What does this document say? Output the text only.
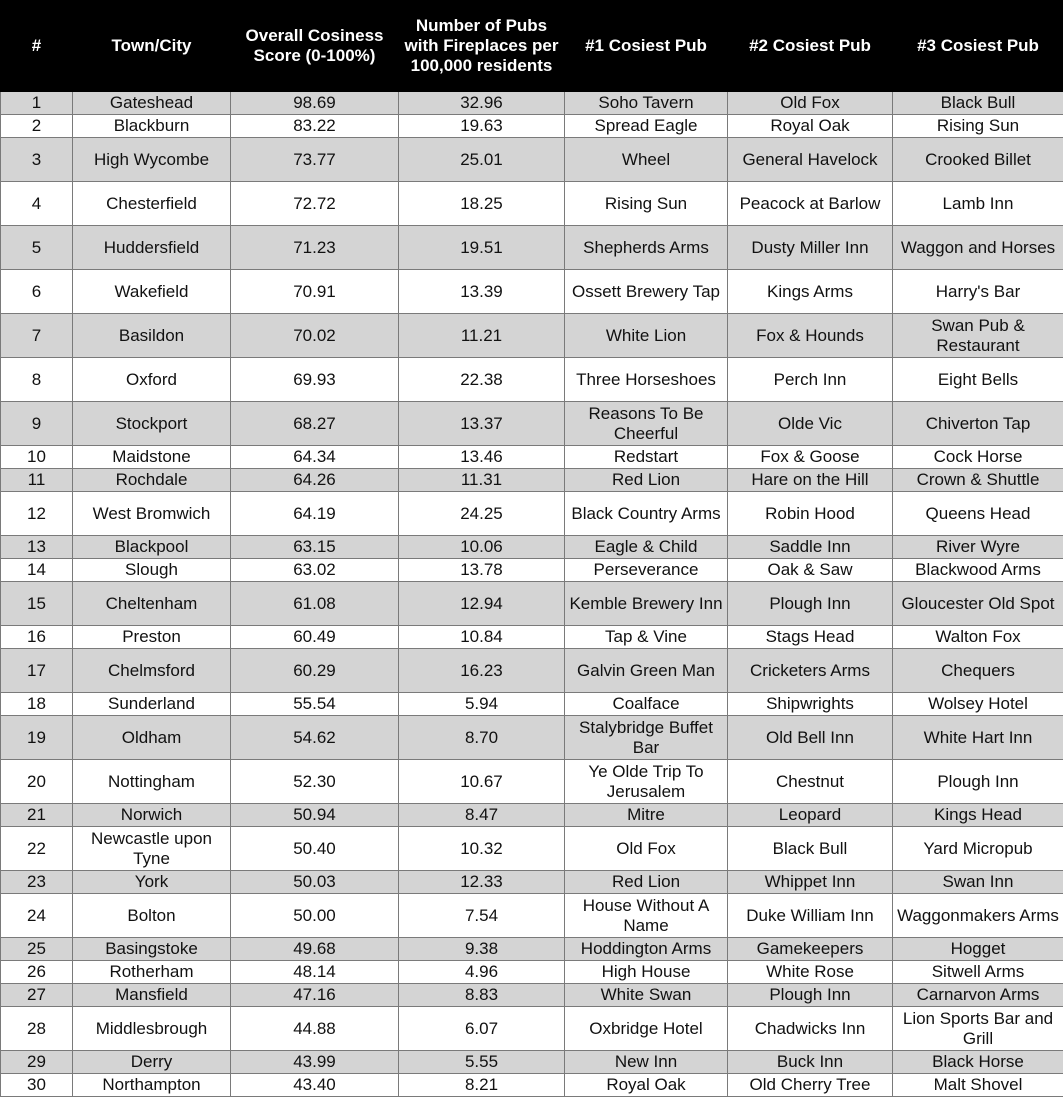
#	Town/City	Overall Cosiness Score (0-100%)	Number of Pubs with Fireplaces per 100,000 residents	#1 Cosiest Pub	#2 Cosiest Pub	#3 Cosiest Pub
1	Gateshead	98.69	32.96	Soho Tavern	Old Fox	Black Bull
2	Blackburn	83.22	19.63	Spread Eagle	Royal Oak	Rising Sun
3	High Wycombe	73.77	25.01	Wheel	General Havelock	Crooked Billet
4	Chesterfield	72.72	18.25	Rising Sun	Peacock at Barlow	Lamb Inn
5	Huddersfield	71.23	19.51	Shepherds Arms	Dusty Miller Inn	Waggon and Horses
6	Wakefield	70.91	13.39	Ossett Brewery Tap	Kings Arms	Harry's Bar
7	Basildon	70.02	11.21	White Lion	Fox & Hounds	Swan Pub & Restaurant
8	Oxford	69.93	22.38	Three Horseshoes	Perch Inn	Eight Bells
9	Stockport	68.27	13.37	Reasons To Be Cheerful	Olde Vic	Chiverton Tap
10	Maidstone	64.34	13.46	Redstart	Fox & Goose	Cock Horse
11	Rochdale	64.26	11.31	Red Lion	Hare on the Hill	Crown & Shuttle
12	West Bromwich	64.19	24.25	Black Country Arms	Robin Hood	Queens Head
13	Blackpool	63.15	10.06	Eagle & Child	Saddle Inn	River Wyre
14	Slough	63.02	13.78	Perseverance	Oak & Saw	Blackwood Arms
15	Cheltenham	61.08	12.94	Kemble Brewery Inn	Plough Inn	Gloucester Old Spot
16	Preston	60.49	10.84	Tap & Vine	Stags Head	Walton Fox
17	Chelmsford	60.29	16.23	Galvin Green Man	Cricketers Arms	Chequers
18	Sunderland	55.54	5.94	Coalface	Shipwrights	Wolsey Hotel
19	Oldham	54.62	8.70	Stalybridge Buffet Bar	Old Bell Inn	White Hart Inn
20	Nottingham	52.30	10.67	Ye Olde Trip To Jerusalem	Chestnut	Plough Inn
21	Norwich	50.94	8.47	Mitre	Leopard	Kings Head
22	Newcastle upon Tyne	50.40	10.32	Old Fox	Black Bull	Yard Micropub
23	York	50.03	12.33	Red Lion	Whippet Inn	Swan Inn
24	Bolton	50.00	7.54	House Without A Name	Duke William Inn	Waggonmakers Arms
25	Basingstoke	49.68	9.38	Hoddington Arms	Gamekeepers	Hogget
26	Rotherham	48.14	4.96	High House	White Rose	Sitwell Arms
27	Mansfield	47.16	8.83	White Swan	Plough Inn	Carnarvon Arms
28	Middlesbrough	44.88	6.07	Oxbridge Hotel	Chadwicks Inn	Lion Sports Bar and Grill
29	Derry	43.99	5.55	New Inn	Buck Inn	Black Horse
30	Northampton	43.40	8.21	Royal Oak	Old Cherry Tree	Malt Shovel
